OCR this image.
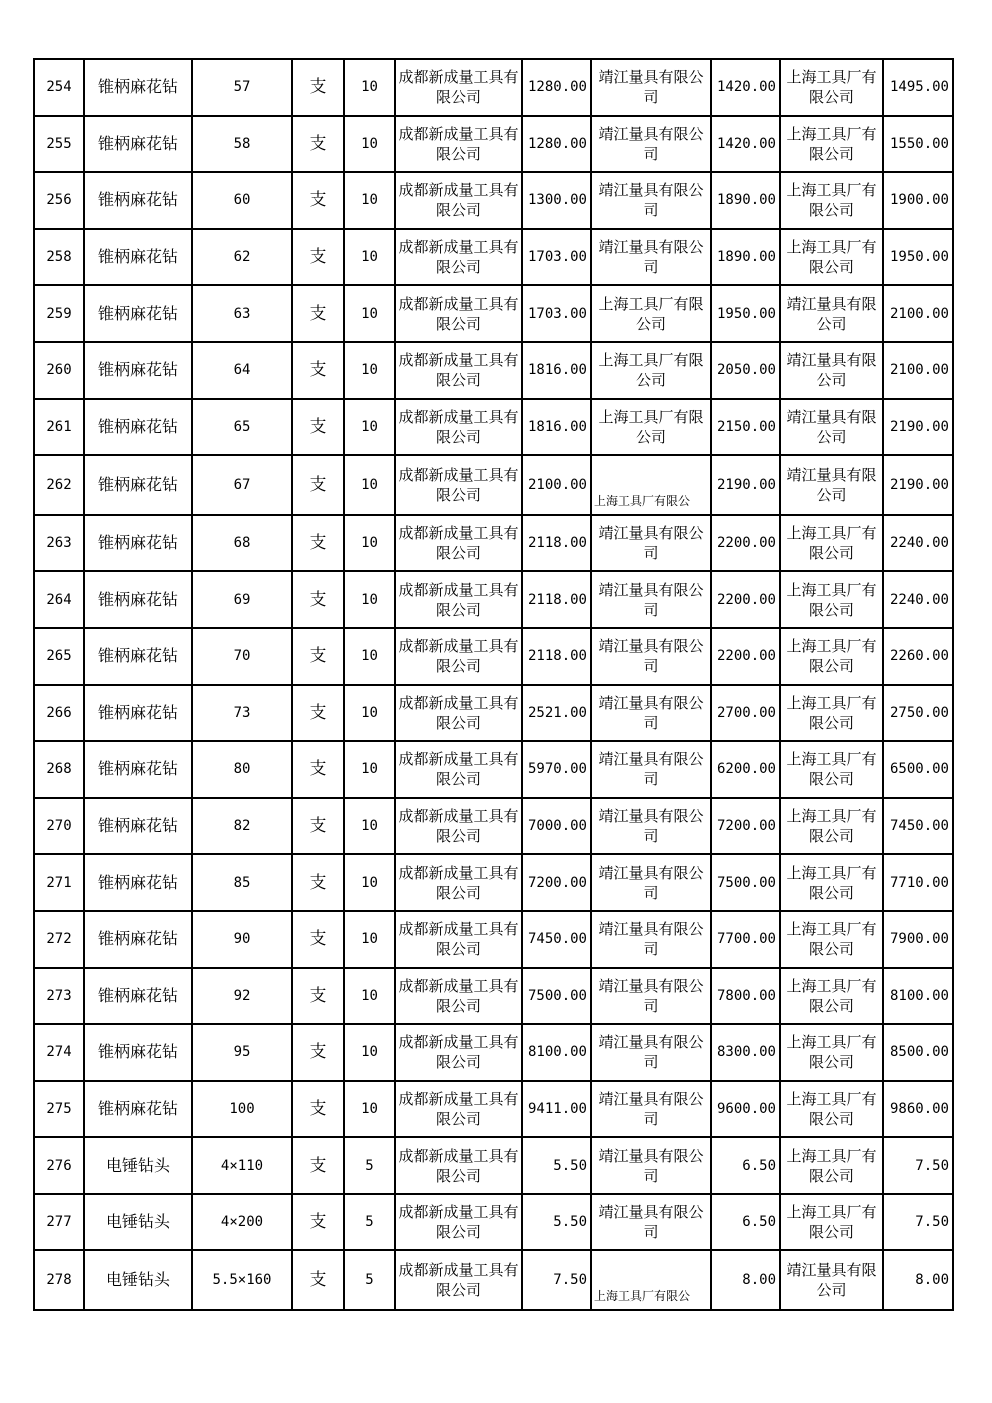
254	锥柄麻花钻	57	支	10	成都新成量工具有限公司	1280.00	靖江量具有限公司	1420.00	上海工具厂有限公司	1495.00
255	锥柄麻花钻	58	支	10	成都新成量工具有限公司	1280.00	靖江量具有限公司	1420.00	上海工具厂有限公司	1550.00
256	锥柄麻花钻	60	支	10	成都新成量工具有限公司	1300.00	靖江量具有限公司	1890.00	上海工具厂有限公司	1900.00
258	锥柄麻花钻	62	支	10	成都新成量工具有限公司	1703.00	靖江量具有限公司	1890.00	上海工具厂有限公司	1950.00
259	锥柄麻花钻	63	支	10	成都新成量工具有限公司	1703.00	上海工具厂有限公司	1950.00	靖江量具有限公司	2100.00
260	锥柄麻花钻	64	支	10	成都新成量工具有限公司	1816.00	上海工具厂有限公司	2050.00	靖江量具有限公司	2100.00
261	锥柄麻花钻	65	支	10	成都新成量工具有限公司	1816.00	上海工具厂有限公司	2150.00	靖江量具有限公司	2190.00
262	锥柄麻花钻	67	支	10	成都新成量工具有限公司	2100.00	上海工具厂有限公	2190.00	靖江量具有限公司	2190.00
263	锥柄麻花钻	68	支	10	成都新成量工具有限公司	2118.00	靖江量具有限公司	2200.00	上海工具厂有限公司	2240.00
264	锥柄麻花钻	69	支	10	成都新成量工具有限公司	2118.00	靖江量具有限公司	2200.00	上海工具厂有限公司	2240.00
265	锥柄麻花钻	70	支	10	成都新成量工具有限公司	2118.00	靖江量具有限公司	2200.00	上海工具厂有限公司	2260.00
266	锥柄麻花钻	73	支	10	成都新成量工具有限公司	2521.00	靖江量具有限公司	2700.00	上海工具厂有限公司	2750.00
268	锥柄麻花钻	80	支	10	成都新成量工具有限公司	5970.00	靖江量具有限公司	6200.00	上海工具厂有限公司	6500.00
270	锥柄麻花钻	82	支	10	成都新成量工具有限公司	7000.00	靖江量具有限公司	7200.00	上海工具厂有限公司	7450.00
271	锥柄麻花钻	85	支	10	成都新成量工具有限公司	7200.00	靖江量具有限公司	7500.00	上海工具厂有限公司	7710.00
272	锥柄麻花钻	90	支	10	成都新成量工具有限公司	7450.00	靖江量具有限公司	7700.00	上海工具厂有限公司	7900.00
273	锥柄麻花钻	92	支	10	成都新成量工具有限公司	7500.00	靖江量具有限公司	7800.00	上海工具厂有限公司	8100.00
274	锥柄麻花钻	95	支	10	成都新成量工具有限公司	8100.00	靖江量具有限公司	8300.00	上海工具厂有限公司	8500.00
275	锥柄麻花钻	100	支	10	成都新成量工具有限公司	9411.00	靖江量具有限公司	9600.00	上海工具厂有限公司	9860.00
276	电锤钻头	4×110	支	5	成都新成量工具有限公司	5.50	靖江量具有限公司	6.50	上海工具厂有限公司	7.50
277	电锤钻头	4×200	支	5	成都新成量工具有限公司	5.50	靖江量具有限公司	6.50	上海工具厂有限公司	7.50
278	电锤钻头	5.5×160	支	5	成都新成量工具有限公司	7.50	上海工具厂有限公	8.00	靖江量具有限公司	8.00
